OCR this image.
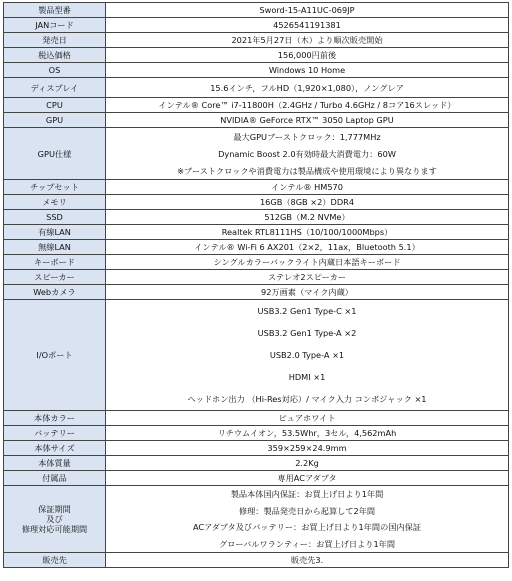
製品型番	Sword-15-A11UC-069JP

JANコード	4526541191381

発売日	2021年5月27日（木）より順次販売開始

税込価格	156,000円前後

OS	Windows 10 Home

ディスプレイ	15.6インチ，フルHD（1,920×1,080），ノングレア

CPU	インテル® Core™ i7-11800H（2.4GHz / Turbo 4.6GHz / 8コア16スレッド）

GPU	NVIDIA® GeForce RTX™ 3050 Laptop GPU

GPU仕様	最大GPUブーストクロック：1,777MHz
Dynamic Boost 2.0有効時最大消費電力：60W
※ブーストクロックや消費電力は製品構成や使用環境により異なります

チップセット	インテル® HM570

メモリ	16GB（8GB ×2）DDR4

SSD	512GB（M.2 NVMe）

有線LAN	Realtek RTL8111HS（10/100/1000Mbps）

無線LAN	インテル® Wi-Fi 6 AX201（2×2，11ax，Bluetooth 5.1）

キーボード	シングルカラーバックライト内蔵日本語キーボード

スピーカー	ステレオ2スピーカー

Webカメラ	92万画素（マイク内蔵）

I/Oポート	USB3.2 Gen1 Type-C ×1
USB3.2 Gen1 Type-A ×2
USB2.0 Type-A ×1
HDMI ×1
ヘッドホン出力 （Hi-Res対応）/ マイク入力 コンボジャック ×1

本体カラー	ピュアホワイト

バッテリー	リチウムイオン，53.5Whr，3セル，4,562mAh

本体サイズ	359×259×24.9mm

本体質量	2.2Kg

付属品	専用ACアダプタ

保証期間
及び
修理対応可能期間	製品本体国内保証：お買上げ日より1年間
修理：製品発売日から起算して2年間
ACアダプタ及びバッテリー：お買上げ日より1年間の国内保証
グローバルワランティー：お買上げ日より1年間

販売先	販売先3.
